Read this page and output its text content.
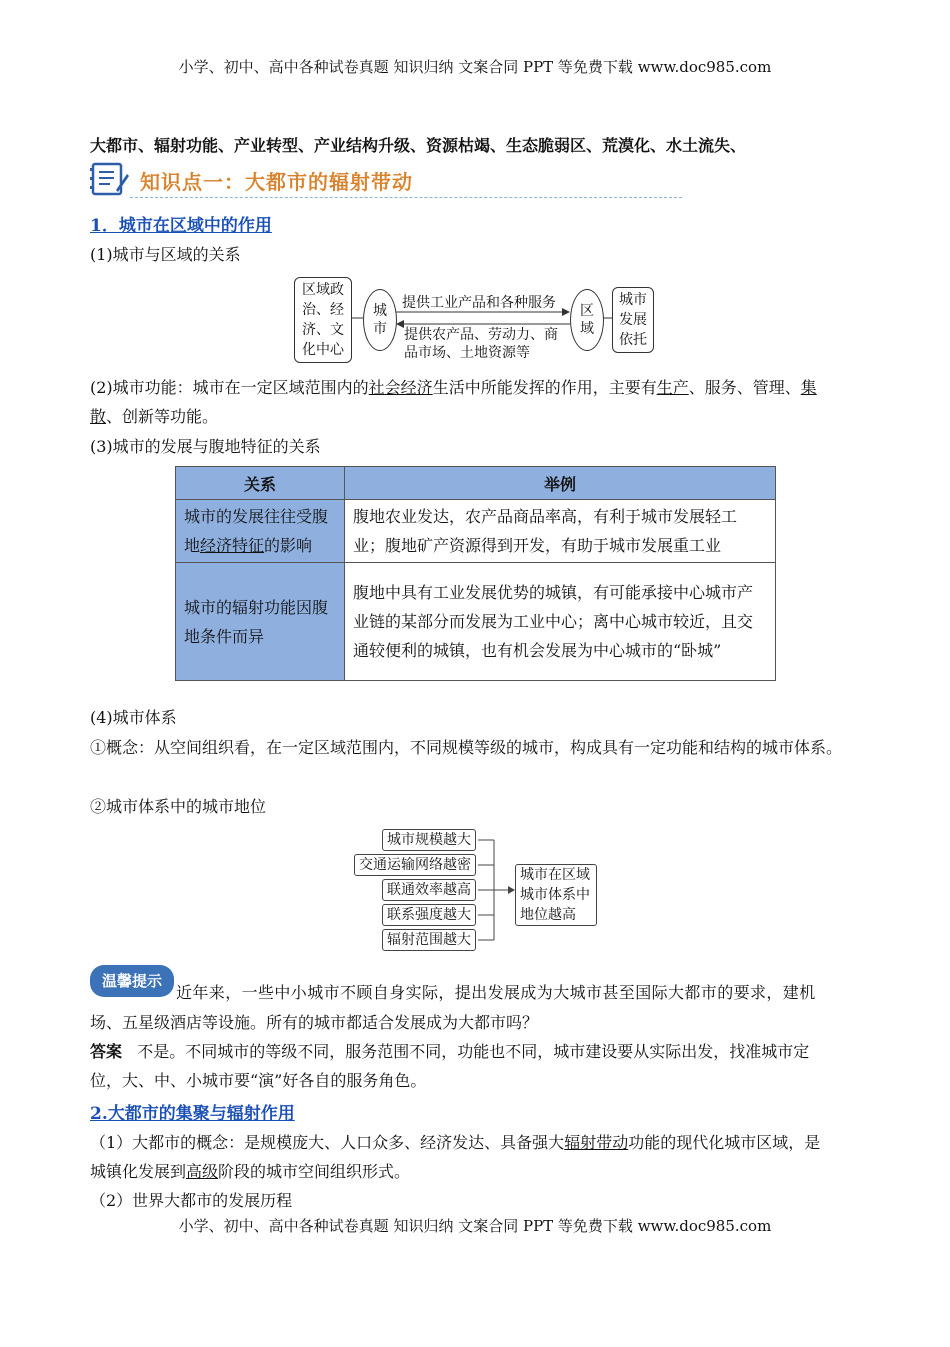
小学、初中、高中各种试卷真题 知识归纳 文案合同 PPT 等免费下载 www.doc985.com
大都市、辐射功能、产业转型、产业结构升级、资源枯竭、生态脆弱区、荒漠化、水土流失、
知识点一：大都市的辐射带动
1．城市在区域中的作用
(1)城市与区域的关系
区域政
治、经
济、文
化中心
城
市
提供工业产品和各种服务
提供农产品、劳动力、商
品市场、土地资源等
区
域
城市
发展
依托
(2)城市功能：城市在一定区域范围内的社会经济生活中所能发挥的作用，主要有生产、服务、管理、集
散、创新等功能。
(3)城市的发展与腹地特征的关系
关系	举例
城市的发展往往受腹地经济特征的影响	腹地农业发达，农产品商品率高，有利于城市发展轻工业；腹地矿产资源得到开发，有助于城市发展重工业
城市的辐射功能因腹地条件而异	腹地中具有工业发展优势的城镇，有可能承接中心城市产业链的某部分而发展为工业中心；离中心城市较近，且交通较便利的城镇，也有机会发展为中心城市的“卧城”
(4)城市体系
①概念：从空间组织看，在一定区域范围内，不同规模等级的城市，构成具有一定功能和结构的城市体系。
②城市体系中的城市地位
城市规模越大
交通运输网络越密
联通效率越高
联系强度越大
辐射范围越大
城市在区域
城市体系中
地位越高
温馨提示
近年来，一些中小城市不顾自身实际，提出发展成为大城市甚至国际大都市的要求，建机
场、五星级酒店等设施。所有的城市都适合发展成为大都市吗？
答案 不是。不同城市的等级不同，服务范围不同，功能也不同，城市建设要从实际出发，找准城市定
位，大、中、小城市要“演”好各自的服务角色。
2.大都市的集聚与辐射作用
（1）大都市的概念：是规模庞大、人口众多、经济发达、具备强大辐射带动功能的现代化城市区域，是
城镇化发展到高级阶段的城市空间组织形式。
（2）世界大都市的发展历程
小学、初中、高中各种试卷真题 知识归纳 文案合同 PPT 等免费下载 www.doc985.com
